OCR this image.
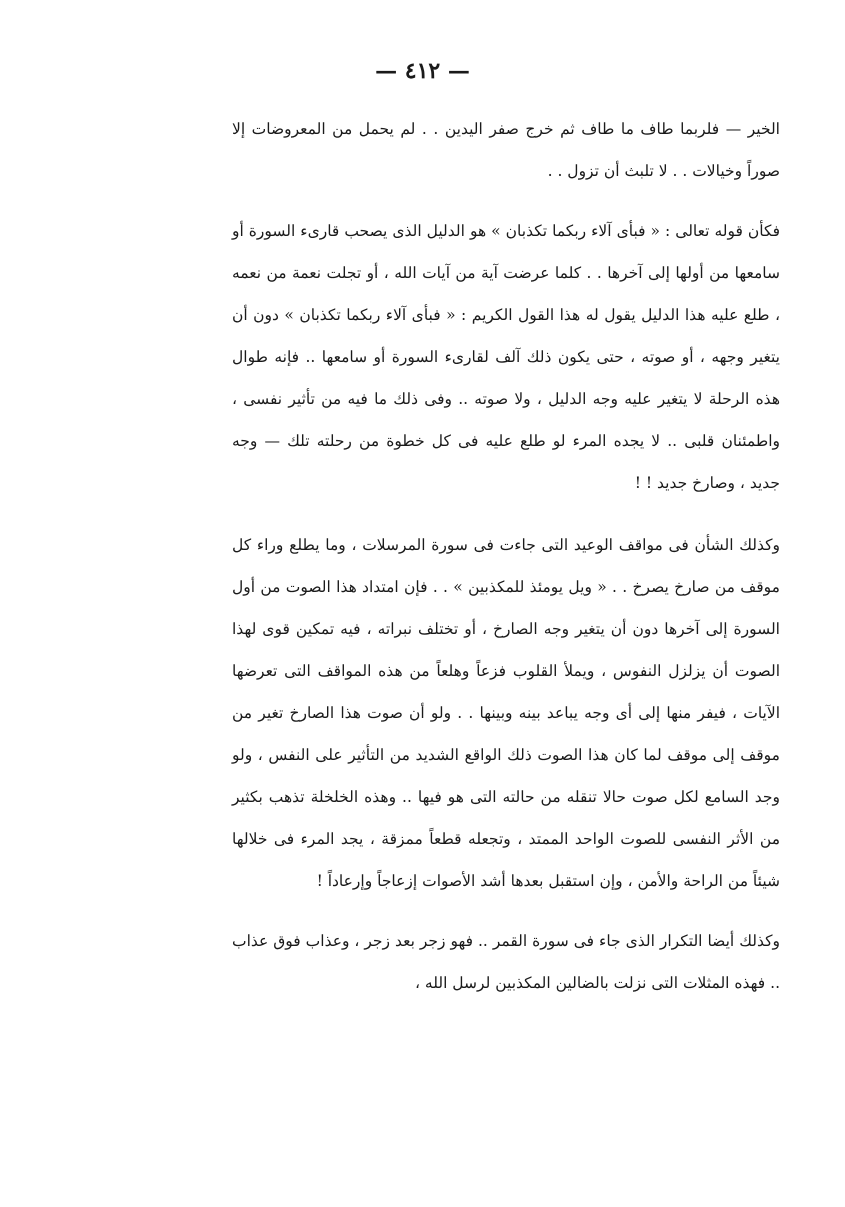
— ٤١٢ —

الخير — فلربما طاف ما طاف ثم خرج صفر اليدين . . لم يحمل من المعروضات إلا صوراً وخيالات . . لا تلبث أن تزول . .

فكأن قوله تعالى : « فبأى آلاء ربكما تكذبان » هو الدليل الذى يصحب قارىء السورة أو سامعها من أولها إلى آخرها . . كلما عرضت آية من آيات الله ، أو تجلت نعمة من نعمه ، طلع عليه هذا الدليل يقول له هذا القول الكريم : « فبأى آلاء ربكما تكذبان » دون أن يتغير وجهه ، أو صوته ، حتى يكون ذلك آلف لقارىء السورة أو سامعها .. فإنه طوال هذه الرحلة لا يتغير عليه وجه الدليل ، ولا صوته .. وفى ذلك ما فيه من تأثير نفسى ، واطمئنان قلبى .. لا يجده المرء لو طلع عليه فى كل خطوة من رحلته تلك — وجه جديد ، وصارخ جديد ! !

وكذلك الشأن فى مواقف الوعيد التى جاءت فى سورة المرسلات ، وما يطلع وراء كل موقف من صارخ يصرخ . . « ويل يومئذ للمكذبين » . . فإن امتداد هذا الصوت من أول السورة إلى آخرها دون أن يتغير وجه الصارخ ، أو تختلف نبراته ، فيه تمكين قوى لهذا الصوت أن يزلزل النفوس ، ويملأ القلوب فزعاً وهلعاً من هذه المواقف التى تعرضها الآيات ، فيفر منها إلى أى وجه يباعد بينه وبينها . . ولو أن صوت هذا الصارخ تغير من موقف إلى موقف لما كان هذا الصوت ذلك الواقع الشديد من التأثير على النفس ، ولو وجد السامع لكل صوت حالا تنقله من حالته التى هو فيها .. وهذه الخلخلة تذهب بكثير من الأثر النفسى للصوت الواحد الممتد ، وتجعله قطعاً ممزقة ، يجد المرء فى خلالها شيئاً من الراحة والأمن ، وإن استقبل بعدها أشد الأصوات إزعاجاً وإرعاداً !

وكذلك أيضا التكرار الذى جاء فى سورة القمر .. فهو زجر بعد زجر ، وعذاب فوق عذاب .. فهذه المثلات التى نزلت بالضالين المكذبين لرسل الله ،
